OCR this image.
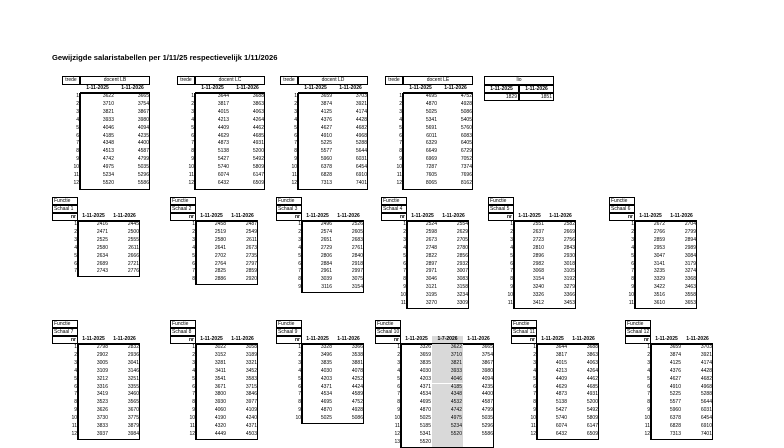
Gewijzigde salaristabellen per 1/11/25 respectievelijk 1/11/2026
trede	docent LB
1-11-2025	1-11-2026
1	3622	3665
2	3710	3754
3	3821	3867
4	3933	3980
5	4046	4094
6	4185	4235
7	4348	4400
8	4513	4587
9	4742	4799
10	4975	5035
11	5234	5296
12	5520	5586
trede	docent LC
1-11-2025	1-11-2026
1	3644	3688
2	3817	3863
3	4015	4063
4	4213	4264
5	4409	4462
6	4629	4685
7	4873	4931
8	5138	5200
9	5427	5492
10	5740	5809
11	6074	6147
12	6432	6509
trede	docent LD
1-11-2025	1-11-2026
1	3659	3703
2	3874	3921
3	4125	4174
4	4376	4428
5	4627	4682
6	4910	4968
7	5225	5288
8	5577	5644
9	5960	6031
10	6378	6454
11	6828	6910
12	7313	7401
trede	docent LE
1-11-2025	1-11-2026
1	4695	4752
2	4870	4928
3	5025	5086
4	5341	5405
5	5691	5760
6	6011	6083
7	6329	6405
8	6649	6729
9	6969	7052
10	7287	7374
11	7605	7696
12	8065	8162
lio
1-11-2025	1-11-2026
1829	1851
Functie
Schaal 1
nr	1-11-2025	1-11-2026
1	2416	2445
2	2471	2500
3	2525	2555
4	2580	2611
5	2634	2666
6	2689	2721
7	2743	2776
Functie
Schaal 2
nr	1-11-2025	1-11-2026
1	2458	2487
2	2519	2549
3	2580	2611
4	2641	2673
5	2702	2735
6	2764	2797
7	2825	2859
8	2886	2920
Functie
Schaal 3
nr	1-11-2025	1-11-2026
1	2496	2526
2	2574	2605
3	2651	2683
4	2729	2761
5	2806	2840
6	2884	2918
7	2961	2997
8	3039	3075
9	3116	3154
Functie
Schaal 4
nr	1-11-2025	1-11-2026
1	2524	2554
2	2598	2629
3	2673	2705
4	2748	2780
5	2822	2856
6	2897	2932
7	2971	3007
8	3046	3083
9	3121	3158
10	3195	3234
11	3270	3309
Functie
Schaal 5
nr	1-11-2025	1-11-2026
1	2551	2582
2	2637	2669
3	2723	2756
4	2810	2843
5	2896	2930
6	2982	3018
7	3068	3105
8	3154	3192
9	3240	3279
10	3326	3366
11	3412	3453
Functie
Schaal 6
nr	1-11-2025	1-11-2026
1	2672	2704
2	2766	2799
3	2859	2894
4	2953	2989
5	3047	3084
6	3141	3179
7	3235	3274
8	3329	3368
9	3422	3463
10	3516	3558
11	3610	3653
Functie
Schaal 7
nr	1-11-2025	1-11-2026
1	2798	2832
2	2902	2936
3	3005	3041
4	3109	3146
5	3212	3251
6	3316	3355
7	3419	3460
8	3523	3565
9	3626	3670
10	3730	3775
11	3833	3879
12	3937	3984
Functie
Schaal 8
nr	1-11-2025	1-11-2026
1	3022	3058
2	3152	3189
3	3281	3321
4	3411	3452
5	3541	3583
6	3671	3715
7	3800	3846
8	3930	3977
9	4060	4109
10	4190	4240
11	4320	4371
12	4449	4503
Functie
Schaal 9
nr	1-11-2025	1-11-2026
1	3328	3366
2	3496	3538
3	3835	3881
4	4030	4078
5	4203	4252
6	4371	4424
7	4534	4589
8	4695	4752
9	4870	4928
10	5025	5086
Functie
Schaal 10
nr	1-11-2025	1-7-2026	1-11-2026
1	3326	3622	3665
2	3659	3710	3754
3	3835	3821	3867
4	4030	3933	3980
5	4203	4046	4094
6	4371	4185	4235
7	4534	4348	4400
8	4695	4532	4587
9	4870	4742	4799
10	5025	4975	5035
11	5185	5234	5296
12	5341	5520	5586
13	5520
Functie
Schaal 11
nr	1-11-2025	1-11-2026
1	3644	3688
2	3817	3863
3	4015	4063
4	4213	4264
5	4409	4462
6	4629	4685
7	4873	4931
8	5138	5200
9	5427	5492
10	5740	5809
11	6074	6147
12	6432	6509
Functie
Schaal 12
nr	1-11-2025	1-11-2026
1	3659	3703
2	3874	3921
3	4125	4174
4	4376	4428
5	4627	4682
6	4910	4968
7	5225	5288
8	5577	5644
9	5960	6031
10	6378	6454
11	6828	6910
12	7313	7401
